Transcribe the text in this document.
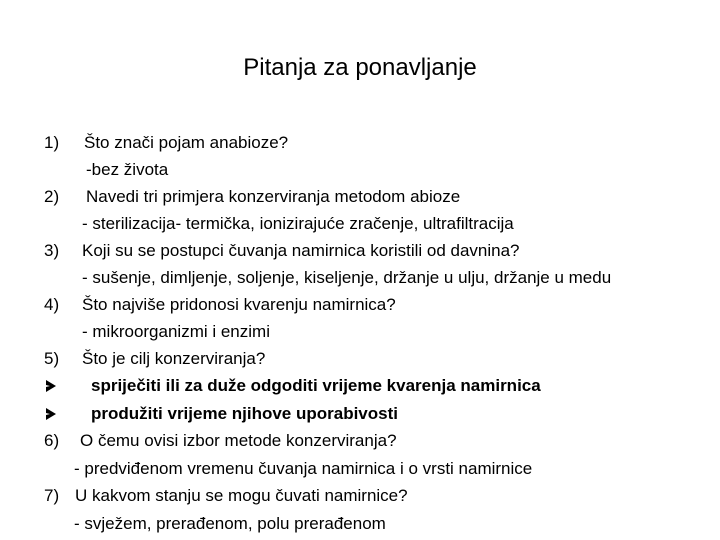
Pitanja za ponavljanje
1) Što znači pojam anabioze?
-bez života
2) Navedi tri primjera konzerviranja metodom abioze
- sterilizacija- termička, ionizirajuće zračenje, ultrafiltracija
3) Koji su se postupci čuvanja namirnica koristili od davnina?
- sušenje, dimljenje, soljenje, kiseljenje, držanje u ulju, držanje u medu
4) Što najviše pridonosi kvarenju namirnica?
- mikroorganizmi i enzimi
5) Što je cilj konzerviranja?
spriječiti ili za duže odgoditi vrijeme kvarenja namirnica
produžiti vrijeme njihove uporabivosti
6) O čemu ovisi izbor metode konzerviranja?
- predviđenom vremenu čuvanja namirnica i o vrsti namirnice
7) U kakvom stanju se mogu čuvati namirnice?
- svježem, prerađenom, polu prerađenom
